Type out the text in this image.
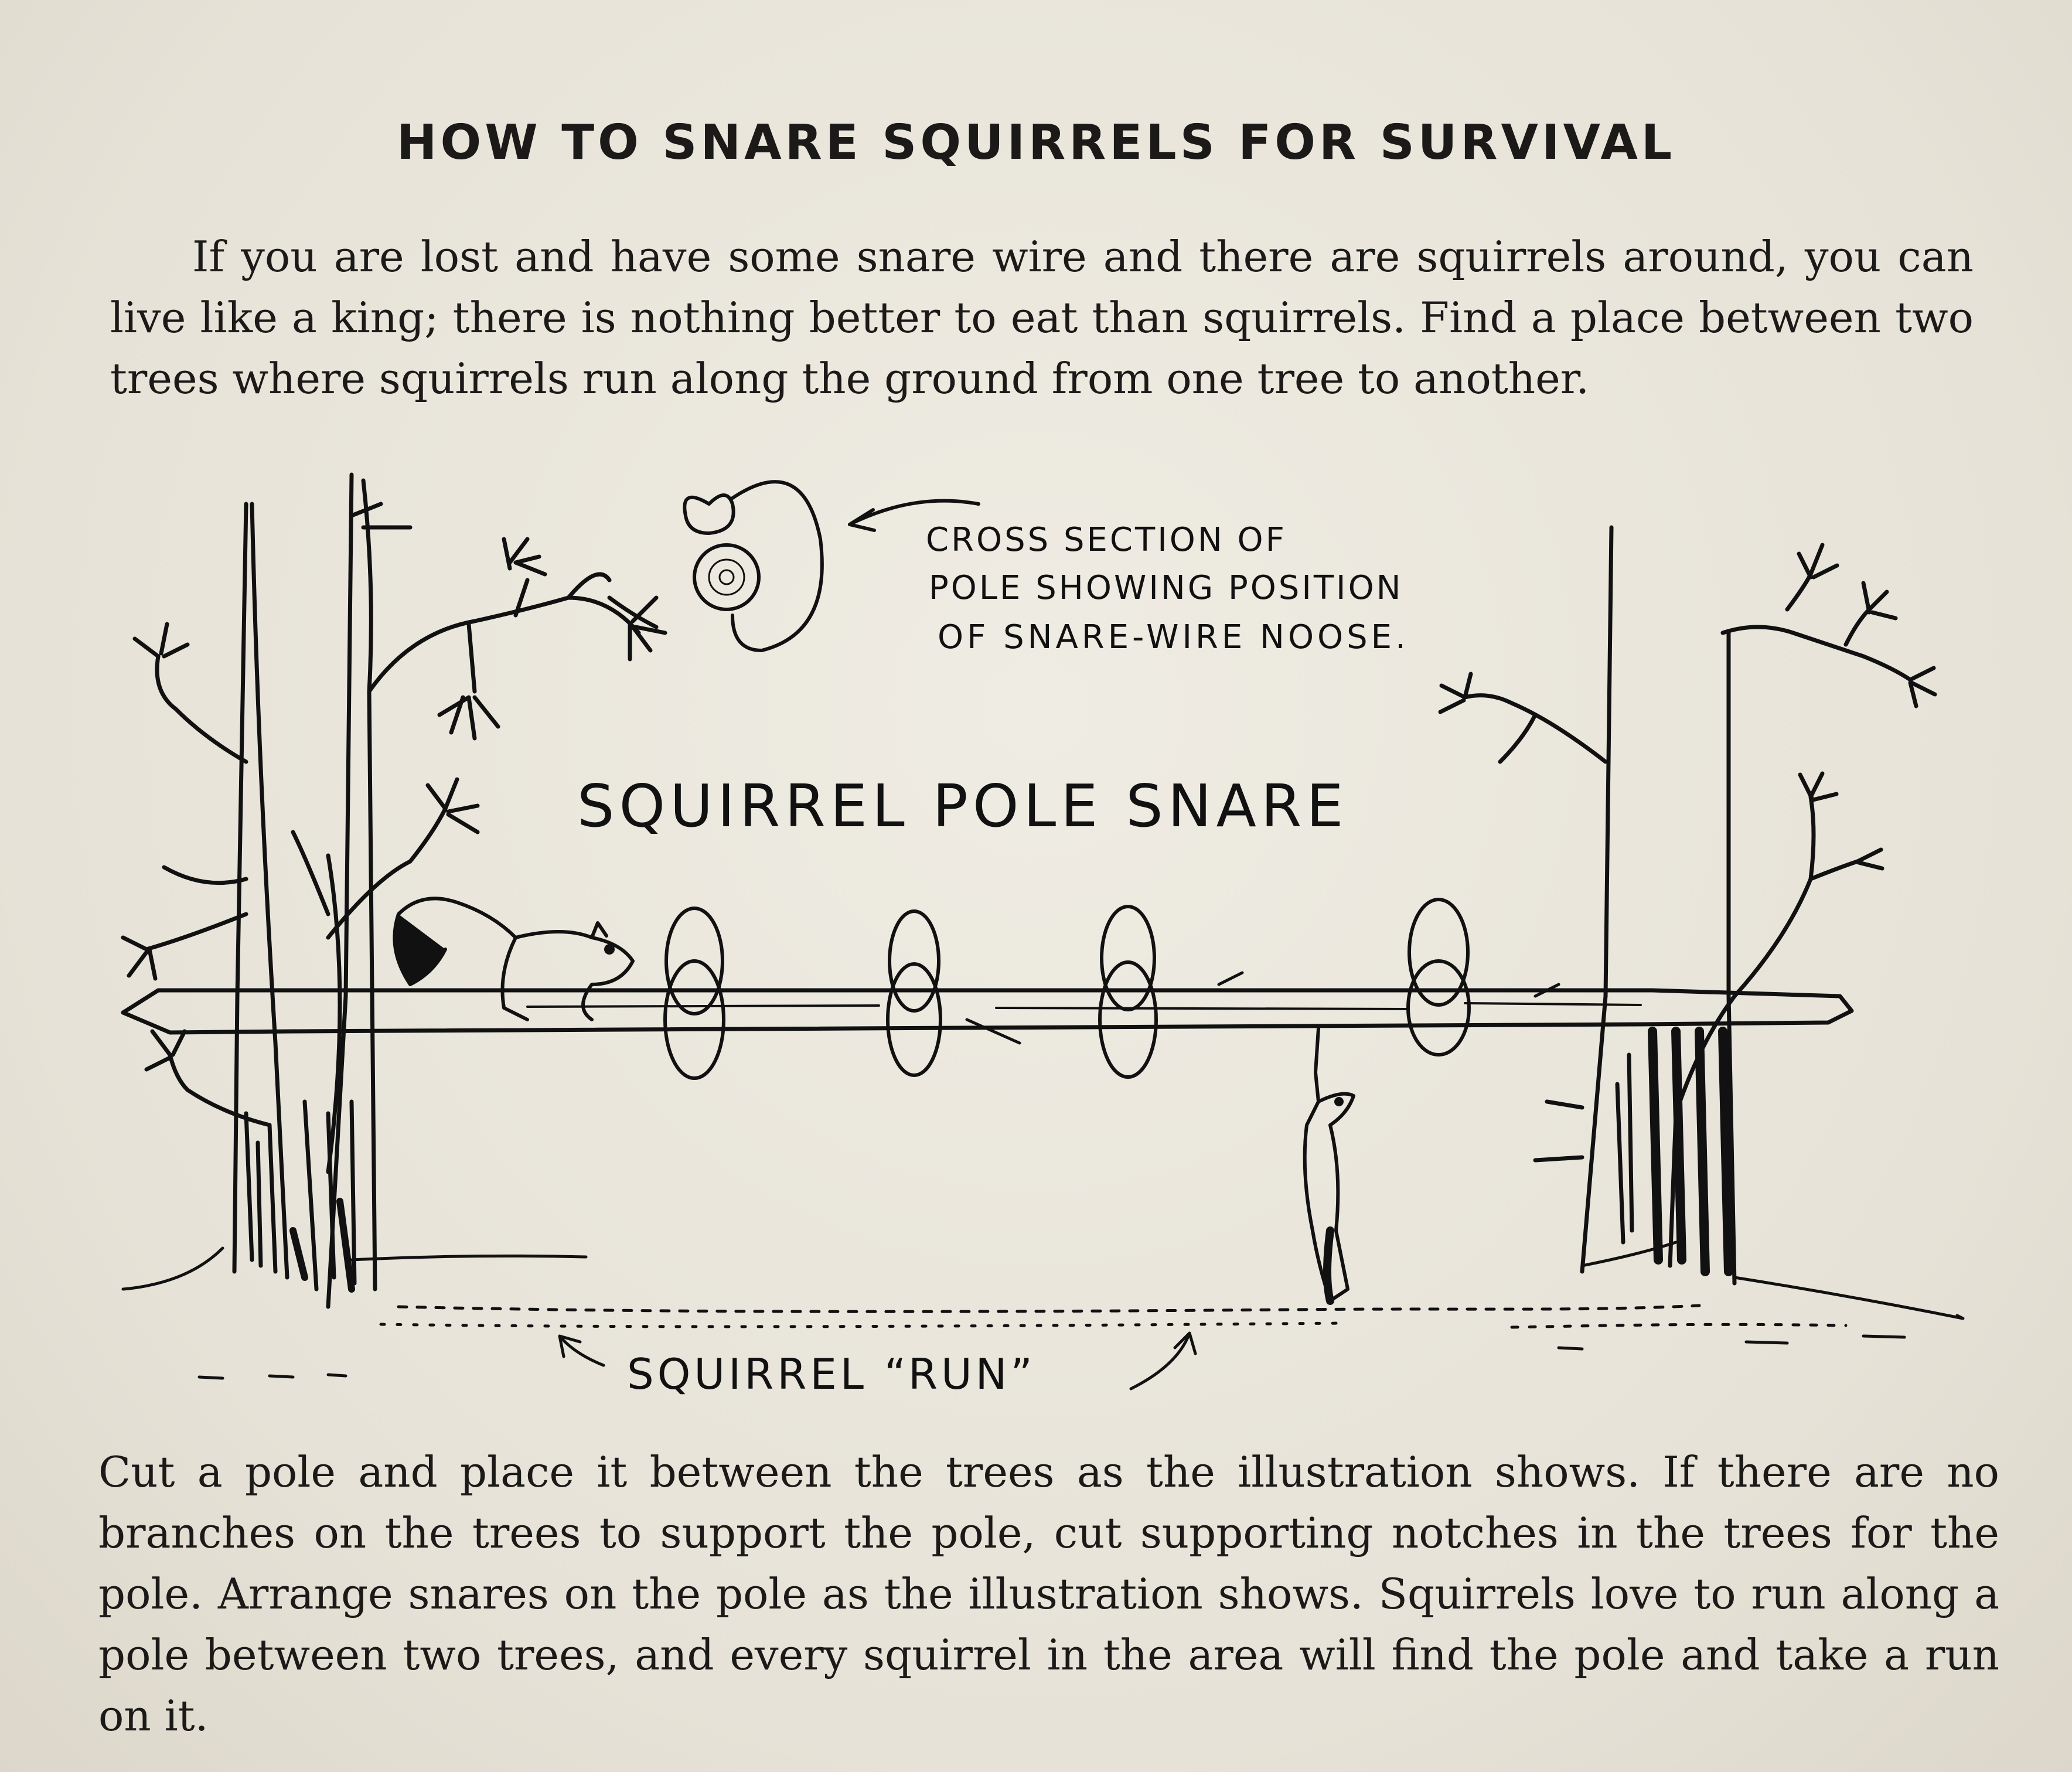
HOW TO SNARE SQUIRRELS FOR SURVIVAL

If you are lost and have some snare wire and there are squirrels around, you can live like a king; there is nothing better to eat than squirrels. Find a place between two trees where squirrels run along the ground from one tree to another.

CROSS SECTION OF
POLE SHOWING POSITION
OF SNARE-WIRE NOOSE.
SQUIRREL POLE SNARE
SQUIRREL “RUN”

Cut a pole and place it between the trees as the illustration shows. If there are no branches on the trees to support the pole, cut supporting notches in the trees for the pole. Arrange snares on the pole as the illustration shows. Squirrels love to run along a pole between two trees, and every squirrel in the area will find the pole and take a run on it.
